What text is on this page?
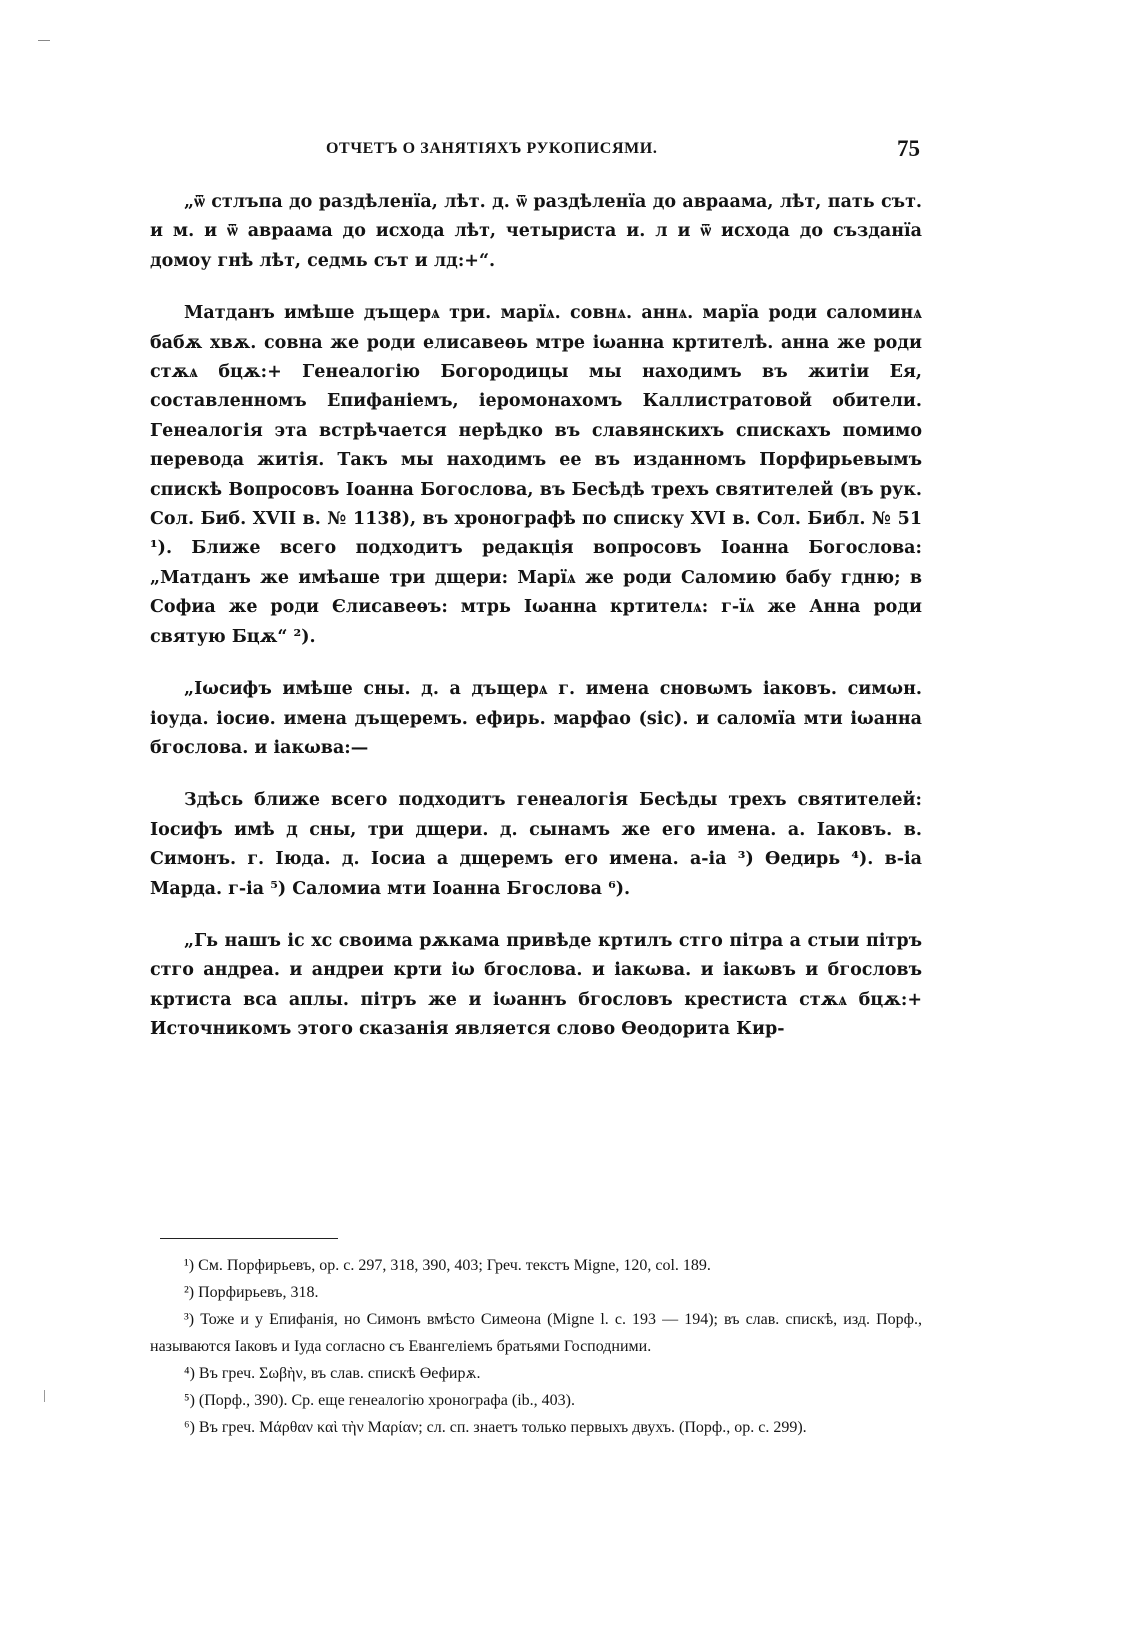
ОТЧЕТЪ О ЗАНЯТІЯХЪ РУКОПИСЯМИ.	75

„ѿ стлъпа до раздѣленїа, лѣт. д. ѿ раздѣленїа до авраама, лѣт, пать сът. и м. и ѿ авраама до исхода лѣт, четыриста и. л и ѿ исхода до създанїа домоу гнѣ лѣт, седмь сът и лд:+“.

Матданъ имѣше дъщерѧ три. марїѧ. совнѧ. аннѧ. марїа роди саломинѧ бабѫ хвѫ. совна же роди елисавеѳь мтре іωанна кртителѣ. анна же роди стѫѧ бцѫ:+ Генеалогію Богородицы мы находимъ въ житіи Ея, составленномъ Епифаніемъ, іеромонахомъ Каллистратовой обители. Генеалогія эта встрѣчается нерѣдко въ славянскихъ спискахъ помимо перевода житія. Такъ мы находимъ ее въ изданномъ Порфирьевымъ спискѣ Вопросовъ Іоанна Богослова, въ Бесѣдѣ трехъ святителей (въ рук. Сол. Биб. XVII в. № 1138), въ хронографѣ по списку XVI в. Сол. Библ. № 51 ¹). Ближе всего подходитъ редакція вопросовъ Іоанна Богослова: „Матданъ же имѣаше три дщери: Марїѧ же роди Саломию бабу гдню; в Софиа же роди Єлисавеѳъ: мтрь Іωанна кртителѧ: г-їѧ же Анна роди святую Бцѫ“ ²).

„Іωсифъ имѣше сны. д. а дъщерѧ г. имена сновωмъ іаковъ. симωн. іоуда. іосиѳ. имена дъщеремъ. ефирь. марфао (sic). и саломїа мти іωанна бгослова. и іакωва:—

Здѣсь ближе всего подходитъ генеалогія Бесѣды трехъ святителей: Іосифъ имѣ д сны, три дщери. д. сынамъ же его имена. а. Іаковъ. в. Симонъ. г. Іюда. д. Іосиа а дщеремъ его имена. а-ia ³) Өедирь ⁴). в-ia Марда. г-ia ⁵) Саломиа мти Іоанна Бгослова ⁶).

„Гь нашъ іс хс своима рѫкама привѣде кртилъ стго пітра а стыи пітръ стго андреа. и андреи крти іω бгослова. и іакωва. и іакωвъ и бгословъ кртиста вса аплы. пітръ же и іωаннъ бгословъ крестиста стѫѧ бцѫ:+ Источникомъ этого сказанія является слово Өеодорита Кир-

¹) См. Порфирьевъ, op. c. 297, 318, 390, 403; Греч. текстъ Migne, 120, col. 189.

²) Порфирьевъ, 318.

³) Тоже и у Епифанія, но Симонъ вмѣсто Симеона (Migne l. c. 193 — 194); въ слав. спискѣ, изд. Порф., называются Іаковъ и Іуда согласно съ Евангеліемъ братьями Господними.

⁴) Въ греч. Σωβὴν, въ слав. спискѣ Өефирѫ.

⁵) (Порф., 390). Ср. еще генеалогію хронографа (ib., 403).

⁶) Въ греч. Μάρθαν καὶ τὴν Μαρίαν; сл. сп. знаетъ только первыхъ двухъ. (Порф., op. c. 299).
